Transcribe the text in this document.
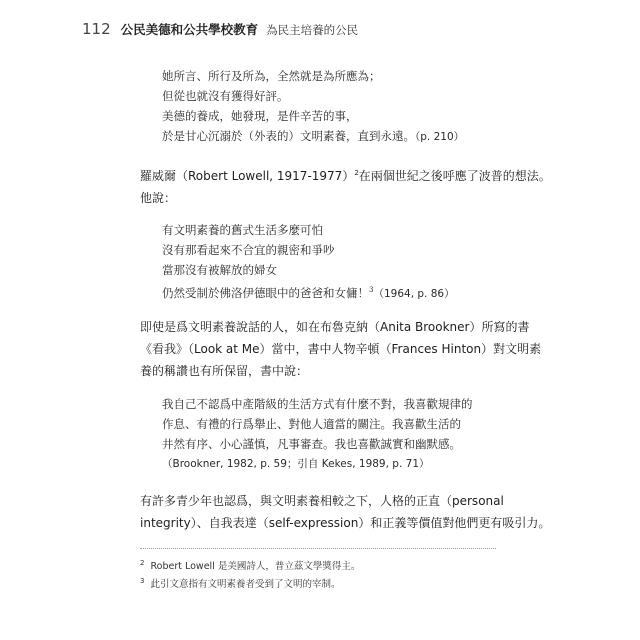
112 公民美德和公共學校教育 為民主培養的公民
她所言、所行及所為，全然就是為所應為；
但從也就沒有獲得好評。
美德的養成，她發現，是件辛苦的事，
於是甘心沉溺於（外表的）文明素養，直到永遠。（p. 210）
羅威爾（Robert Lowell, 1917-1977）$^2$在兩個世紀之後呼應了波普的想法。
他說：
有文明素養的舊式生活多麼可怕
沒有那看起來不合宜的親密和爭吵
當那沒有被解放的婦女
仍然受制於佛洛伊德眼中的爸爸和女傭！$^3$（1964, p. 86）
即使是爲文明素養說話的人，如在布魯克納（Anita Brookner）所寫的書
《看我》（Look at Me）當中，書中人物辛頓（Frances Hinton）對文明素
養的稱讚也有所保留，書中說：
我自己不認爲中產階級的生活方式有什麼不對，我喜歡規律的
作息、有禮的行爲舉止、對他人適當的關注。我喜歡生活的
井然有序、小心謹慎，凡事審查。我也喜歡誠實和幽默感。
（Brookner, 1982, p. 59；引自 Kekes, 1989, p. 71）
有許多青少年也認爲，與文明素養相較之下，人格的正直（personal
integrity）、自我表達（self-expression）和正義等價值對他們更有吸引力。
$^2$ Robert Lowell 是美國詩人，普立茲文學獎得主。
$^3$ 此引文意指有文明素養者受到了文明的宰制。
